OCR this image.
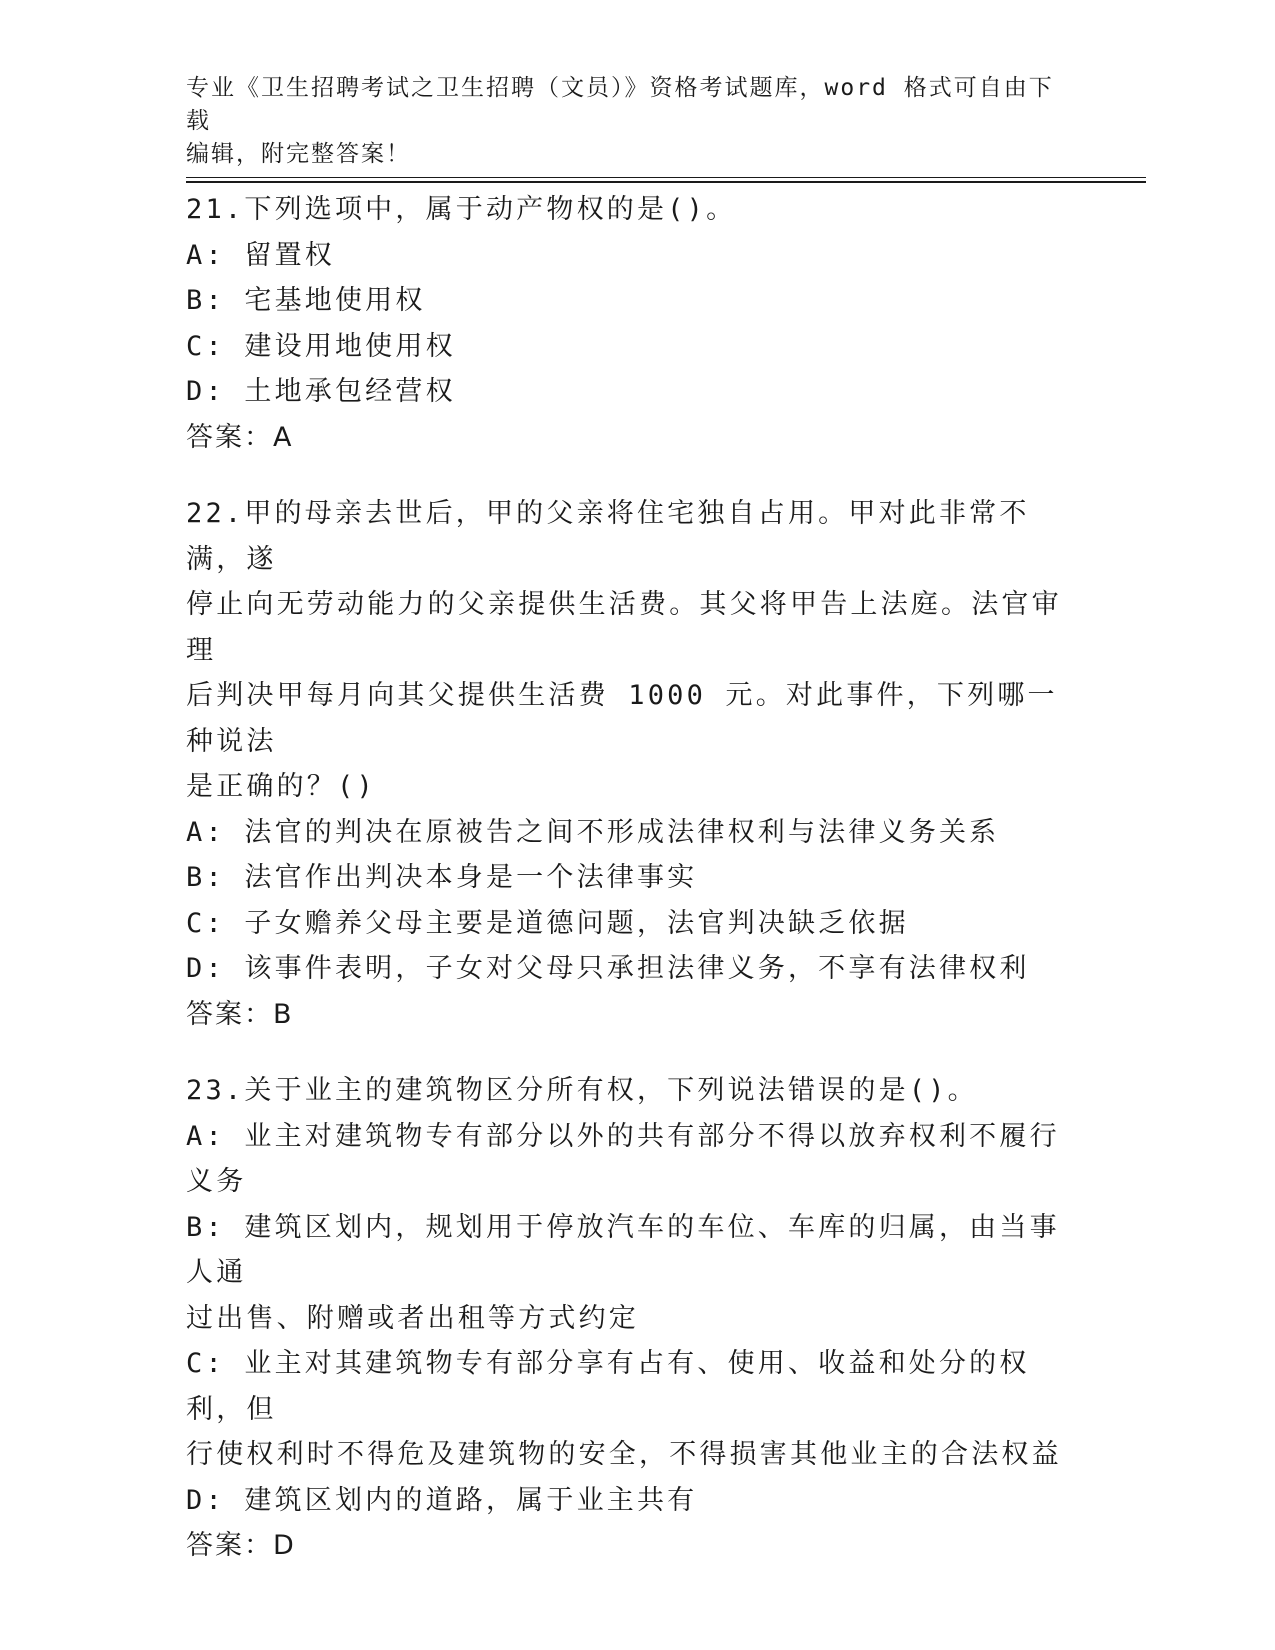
专业《卫生招聘考试之卫生招聘（文员）》资格考试题库，word 格式可自由下载
编辑，附完整答案！
21.下列选项中，属于动产物权的是()。
A: 留置权
B: 宅基地使用权
C: 建设用地使用权
D: 土地承包经营权
答案：A
22.甲的母亲去世后，甲的父亲将住宅独自占用。甲对此非常不满，遂
停止向无劳动能力的父亲提供生活费。其父将甲告上法庭。法官审理
后判决甲每月向其父提供生活费 1000 元。对此事件，下列哪一种说法
是正确的？()
A: 法官的判决在原被告之间不形成法律权利与法律义务关系
B: 法官作出判决本身是一个法律事实
C: 子女赡养父母主要是道德问题，法官判决缺乏依据
D: 该事件表明，子女对父母只承担法律义务，不享有法律权利
答案：B
23.关于业主的建筑物区分所有权，下列说法错误的是()。
A: 业主对建筑物专有部分以外的共有部分不得以放弃权利不履行义务
B: 建筑区划内，规划用于停放汽车的车位、车库的归属，由当事人通
过出售、附赠或者出租等方式约定
C: 业主对其建筑物专有部分享有占有、使用、收益和处分的权利，但
行使权利时不得危及建筑物的安全，不得损害其他业主的合法权益
D: 建筑区划内的道路，属于业主共有
答案：D
